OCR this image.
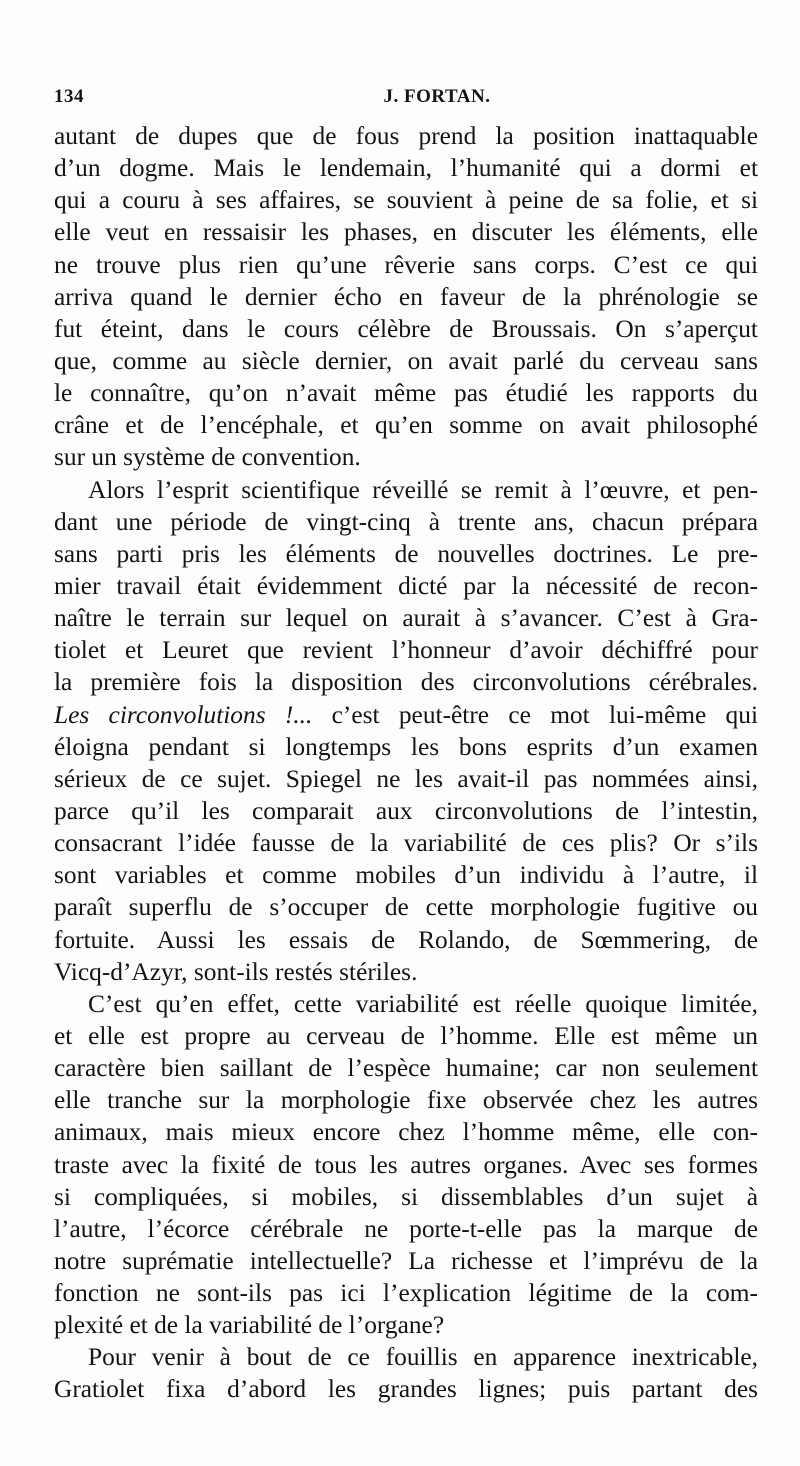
134	J. FORTAN.
autant de dupes que de fous prend la position inattaquable
d’un dogme. Mais le lendemain, l’humanité qui a dormi et
qui a couru à ses affaires, se souvient à peine de sa folie, et si
elle veut en ressaisir les phases, en discuter les éléments, elle
ne trouve plus rien qu’une rêverie sans corps. C’est ce qui
arriva quand le dernier écho en faveur de la phrénologie se
fut éteint, dans le cours célèbre de Broussais. On s’aperçut
que, comme au siècle dernier, on avait parlé du cerveau sans
le connaître, qu’on n’avait même pas étudié les rapports du
crâne et de l’encéphale, et qu’en somme on avait philosophé
sur un système de convention.
Alors l’esprit scientifique réveillé se remit à l’œuvre, et pen-
dant une période de vingt-cinq à trente ans, chacun prépara
sans parti pris les éléments de nouvelles doctrines. Le pre-
mier travail était évidemment dicté par la nécessité de recon-
naître le terrain sur lequel on aurait à s’avancer. C’est à Gra-
tiolet et Leuret que revient l’honneur d’avoir déchiffré pour
la première fois la disposition des circonvolutions cérébrales.
Les circonvolutions !... c’est peut-être ce mot lui-même qui
éloigna pendant si longtemps les bons esprits d’un examen
sérieux de ce sujet. Spiegel ne les avait-il pas nommées ainsi,
parce qu’il les comparait aux circonvolutions de l’intestin,
consacrant l’idée fausse de la variabilité de ces plis? Or s’ils
sont variables et comme mobiles d’un individu à l’autre, il
paraît superflu de s’occuper de cette morphologie fugitive ou
fortuite. Aussi les essais de Rolando, de Sœmmering, de
Vicq-d’Azyr, sont-ils restés stériles.
C’est qu’en effet, cette variabilité est réelle quoique limitée,
et elle est propre au cerveau de l’homme. Elle est même un
caractère bien saillant de l’espèce humaine; car non seulement
elle tranche sur la morphologie fixe observée chez les autres
animaux, mais mieux encore chez l’homme même, elle con-
traste avec la fixité de tous les autres organes. Avec ses formes
si compliquées, si mobiles, si dissemblables d’un sujet à
l’autre, l’écorce cérébrale ne porte-t-elle pas la marque de
notre suprématie intellectuelle? La richesse et l’imprévu de la
fonction ne sont-ils pas ici l’explication légitime de la com-
plexité et de la variabilité de l’organe?
Pour venir à bout de ce fouillis en apparence inextricable,
Gratiolet fixa d’abord les grandes lignes; puis partant des
